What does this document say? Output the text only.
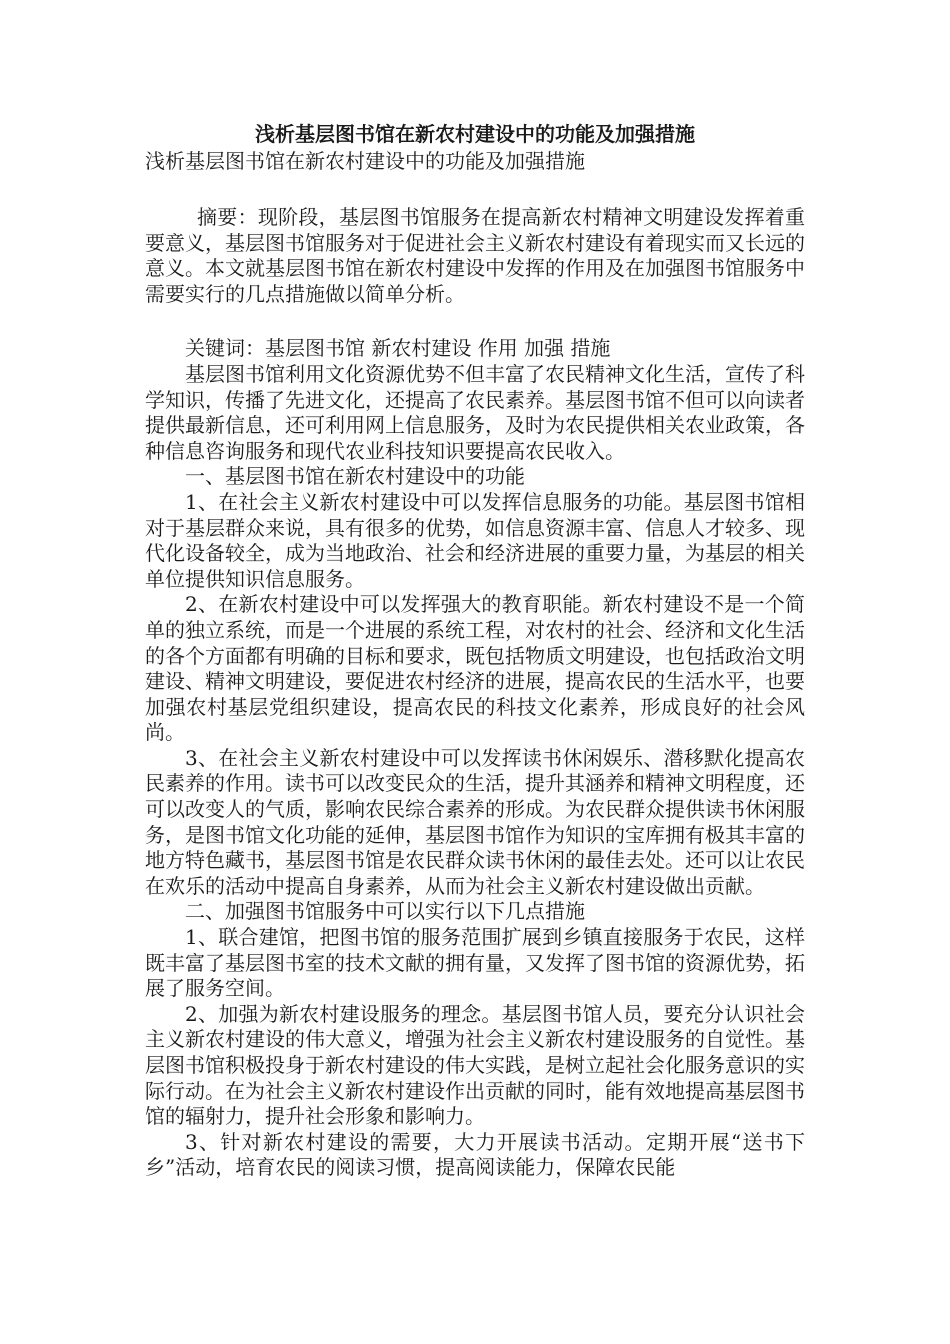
浅析基层图书馆在新农村建设中的功能及加强措施

浅析基层图书馆在新农村建设中的功能及加强措施

摘要：现阶段，基层图书馆服务在提高新农村精神文明建设发挥着重要意义，基层图书馆服务对于促进社会主义新农村建设有着现实而又长远的意义。本文就基层图书馆在新农村建设中发挥的作用及在加强图书馆服务中需要实行的几点措施做以简单分析。

关键词：基层图书馆 新农村建设 作用 加强 措施

基层图书馆利用文化资源优势不但丰富了农民精神文化生活，宣传了科学知识，传播了先进文化，还提高了农民素养。基层图书馆不但可以向读者提供最新信息，还可利用网上信息服务，及时为农民提供相关农业政策，各种信息咨询服务和现代农业科技知识要提高农民收入。

一、基层图书馆在新农村建设中的功能

1、在社会主义新农村建设中可以发挥信息服务的功能。基层图书馆相对于基层群众来说，具有很多的优势，如信息资源丰富、信息人才较多、现代化设备较全，成为当地政治、社会和经济进展的重要力量，为基层的相关单位提供知识信息服务。

2、在新农村建设中可以发挥强大的教育职能。新农村建设不是一个简单的独立系统，而是一个进展的系统工程，对农村的社会、经济和文化生活的各个方面都有明确的目标和要求，既包括物质文明建设，也包括政治文明建设、精神文明建设，要促进农村经济的进展，提高农民的生活水平，也要加强农村基层党组织建设，提高农民的科技文化素养，形成良好的社会风尚。

3、在社会主义新农村建设中可以发挥读书休闲娱乐、潜移默化提高农民素养的作用。读书可以改变民众的生活，提升其涵养和精神文明程度，还可以改变人的气质，影响农民综合素养的形成。为农民群众提供读书休闲服务，是图书馆文化功能的延伸，基层图书馆作为知识的宝库拥有极其丰富的地方特色藏书，基层图书馆是农民群众读书休闲的最佳去处。还可以让农民在欢乐的活动中提高自身素养，从而为社会主义新农村建设做出贡献。

二、加强图书馆服务中可以实行以下几点措施

1、联合建馆，把图书馆的服务范围扩展到乡镇直接服务于农民，这样既丰富了基层图书室的技术文献的拥有量，又发挥了图书馆的资源优势，拓展了服务空间。

2、加强为新农村建设服务的理念。基层图书馆人员，要充分认识社会主义新农村建设的伟大意义，增强为社会主义新农村建设服务的自觉性。基层图书馆积极投身于新农村建设的伟大实践，是树立起社会化服务意识的实际行动。在为社会主义新农村建设作出贡献的同时，能有效地提高基层图书馆的辐射力，提升社会形象和影响力。

3、针对新农村建设的需要，大力开展读书活动。定期开展“送书下乡”活动，培育农民的阅读习惯，提高阅读能力，保障农民能
